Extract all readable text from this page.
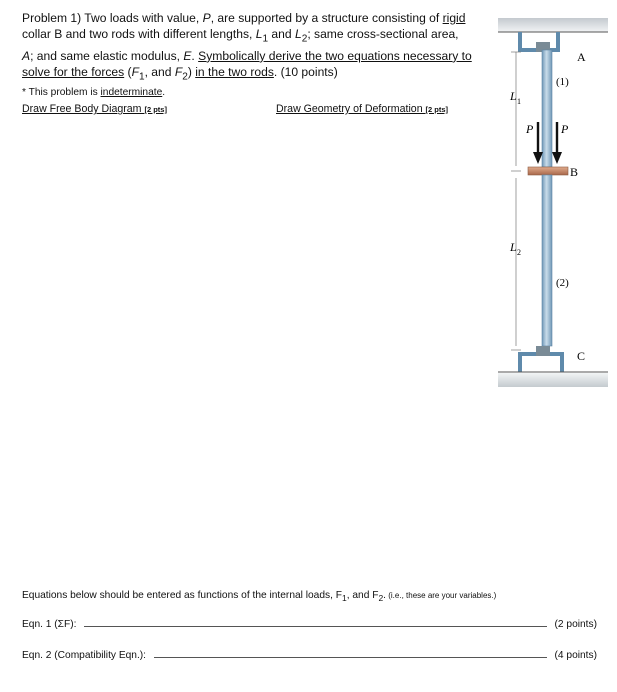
Problem 1) Two loads with value, P, are supported by a structure consisting of rigid collar B and two rods with different lengths, $L_1$ and $L_2$; same cross-sectional area, A; and same elastic modulus, E. Symbolically derive the two equations necessary to solve for the forces ($F_1$, and $F_2$) in the two rods. (10 points)

* This problem is indeterminate.

Draw Free Body Diagram [2 pts]	Draw Geometry of Deformation [2 pts]
A
(1)
L 1
P P
B
L 2
(2)
C
Equations below should be entered as functions of the internal loads, $F_1$, and $F_2$. (i.e., these are your variables.)
Eqn. 1 (ΣF):	(2 points)
Eqn. 2 (Compatibility Eqn.):	(4 points)
